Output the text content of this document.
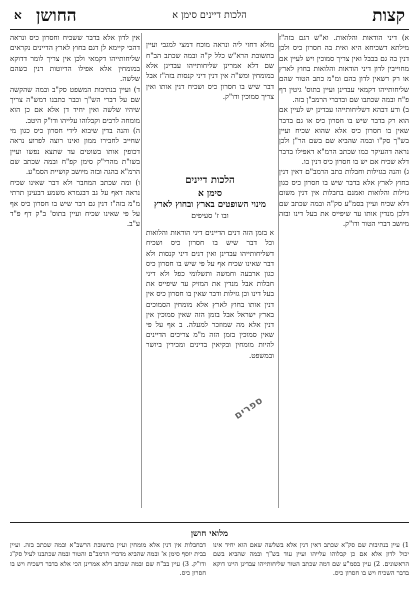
קצות
הלכות דיינים סימן א
החושן
א

א) דיני הודאות והלואות. וא"ש דגם בזה"ז מילתא דשכיחא היא ואית בה חסרון כיס ולכן דנין בה גם בבבל ואין צריך סמוכין ויש לעיין אם מחוייבין לדון דיני הודאות והלואות בחוץ לארץ או רק רשאין לדון בהם ומ"מ כתב הטור שהם שליחותייהו דקמאי עבדינן ועיין בתוס' גיטין דף פ"ח ובמה שכתבו שם ובדברי הרמב"ן בזה.

ב) ודע דבהא דשליחותייהו עבדינן יש לעיין אם הוא רק בדבר שיש בו חסרון כיס או גם בדבר שאין בו חסרון כיס אלא שהוא שכיח ועיין בש"ך סק"ו ובמה שהביא שם בשם הר"ן ולכן נראה דהעיקר כמו שכתב הרמ"א דאפילו בדבר דלא שכיח אם יש בו חסרון כיס דנין בו.

ג) והנה בגזילות וחבלות כתב הרמב"ם דאין דנין בחוץ לארץ אלא בדבר שיש בו חסרון כיס כגון גזילות והלואות ואמנם בחבלות אין דנין משום דלא שכיח ועיין בסמ"ע סק"ה ובמה שכתב שם דלכן מנדין אותו עד שיפייס את בעל דינו ובזה מיושב דברי הטור ודו"ק.

מולא דחזי ליה ונראה מוכח דמצי למגבי ועיין בתשובת הרא"ש כלל ק"ה ובמה שכתב הב"ח שם דלא אמרינן שליחותייהו עבדינן אלא במומחין ומש"ה אין דנין דיני קנסות בזה"ז אבל דבר שיש בו חסרון כיס ושכיח דנין אותו ואין צריך סמוכין ודו"ק.

הלכות דיינים
סימן א
מינוי השופטים בארץ ובחוץ לארץ
ובו ז' סעיפים

א בזמן הזה דנים הדיינים דיני הודאות והלואות וכל דבר שיש בו חסרון כיס ושכיח דשליחותייהו עבדינן ואין דנים דיני קנסות ולא דבר שאינו שכיח אף על פי שיש בו חסרון כיס כגון ארבעה וחמשה ותשלומי כפל ולא דיני חבלות אבל מנדין את המזיק עד שיפייס את בעל דינו וכן גזילות ודבר שאין בו חסרון כיס אין דנין אותו בחוץ לארץ אלא מומחין הסמוכים בארץ ישראל אבל בזמן הזה שאין סמוכין אין דנין אלא מה שמוזכר למעלה. ב אף על פי שאין סמוכין בזמן הזה מ"מ צריכים הדיינים להיות מומחין ובקיאין בדינים ומכירין ביושר ובמשפט.

אין לדון אלא בדבר ששכיח וחסרון כיס ונראה דהכי קיימא לן דגם בחוץ לארץ הדיינים נקראים שליחותייהו דקמאי ולכן אין צריך לומר דדוקא במומחין אלא אפילו הדיוטות דנין כשהם שלשה.

ד) ועיין בנתיבות המשפט סק"ב ובמה שהקשה שם על דברי הש"ך וכבר כתבנו דמש"ה צריך שיהיו שלשה ואין יחיד דן אלא אם כן הוא מומחה לרבים וקבלוהו עלייהו ודו"ק היטב.

ה) והנה בדין שיבוא לידי חסרון כיס כגון מי שחייב לחבירו ממון ואינו רוצה לפרוע נראה דכופין אותו בשוטים עד שתצא נפשו ועיין בשו"ת מהרי"ק סימן קפ"ח ובמה שכתב שם הרמ"א בהגה ובזה מיושב קושיית הסמ"ע.

ו) ומה שכתב המחבר ולא דבר שאינו שכיח נראה דאף על גב דבגמרא משמע דבעינן תרתי מ"מ בזה"ז דנין גם דבר שיש בו חסרון כיס אף על פי שאינו שכיח ועיין בתוס' ב"ק דף פ"ד ע"ב.

ספרים
מלואי חושן

1) עיין בנתיבות שם סק"א שכתב דאין דנין אלא בשלשה שאם הוא יחיד אינו יכול לדון אלא אם כן קבלוהו עלייהו ועיין עוד בש"ך ובמה שהביא בשם הראשונים. 2) עיין בסמ"ע שם דמה שכתב הטור שליחותייהו עבדינן היינו דוקא בדבר השכיח ויש בו חסרון כיס.

דבחבלות אין דנין אלא מומחין ועיין בתשובת הרשב"א ובמה שכתב בזה. ועיין בבית יוסף סימן א' ובמה שהביא מדברי הרמב"ם והטור ובמה שכתבנו לעיל סק"ג ודו"ק. 3) עיין בב"ח שם ובמה שכתב דלא אמרינן הכי אלא בדבר דשכיח ויש בו חסרון כיס.
